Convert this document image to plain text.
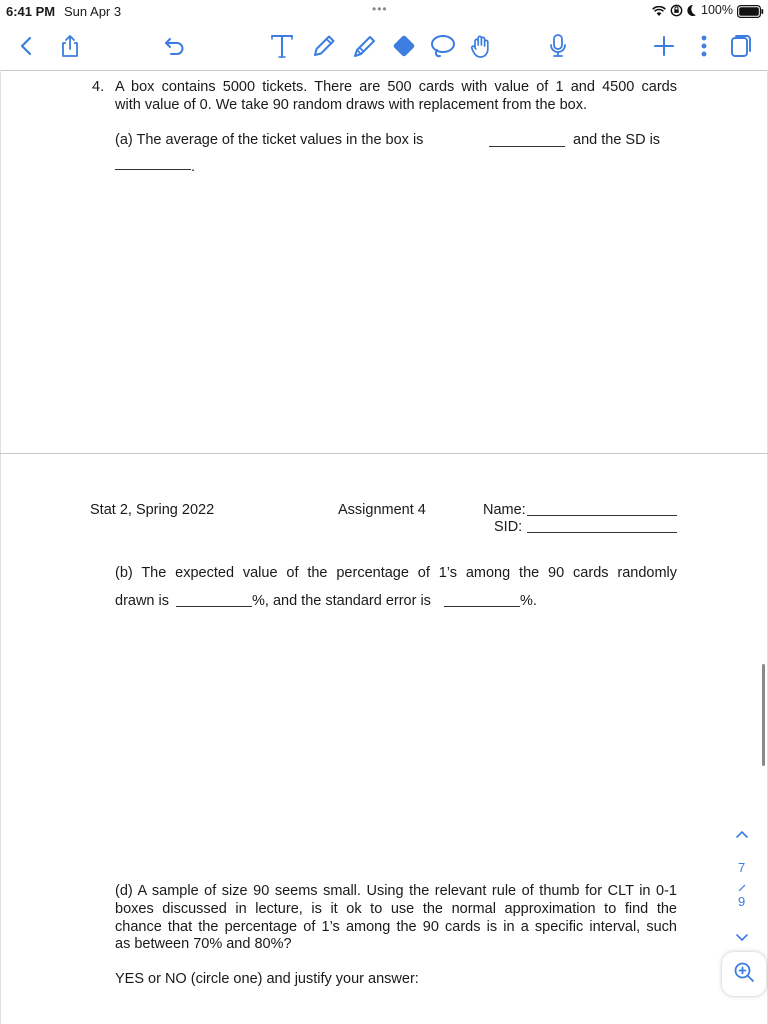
6:41 PM Sun Apr 3	•••	100%
4. A box contains 5000 tickets. There are 500 cards with value of 1 and 4500 cards
with value of 0. We take 90 random draws with replacement from the box.
(a) The average of the ticket values in the box is	and the SD is
.
Stat 2, Spring 2022	Assignment 4	Name:
SID:
(b) The expected value of the percentage of 1’s among the 90 cards randomly
drawn is	%, and the standard error is	%.
(d) A sample of size 90 seems small. Using the relevant rule of thumb for CLT in 0-1
boxes discussed in lecture, is it ok to use the normal approximation to find the
chance that the percentage of 1’s among the 90 cards is in a specific interval, such
as between 70% and 80%?
YES or NO (circle one) and justify your answer:
7
9
